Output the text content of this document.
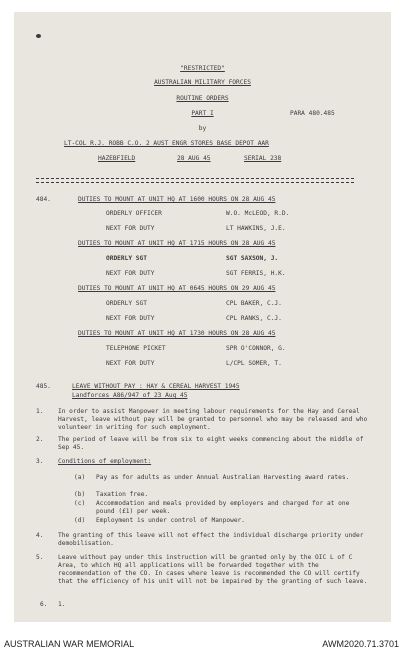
"RESTRICTED"
AUSTRALIAN MILITARY FORCES
ROUTINE ORDERS
PART I	PARA 480.485
by
LT-COL R.J. ROBB C.O. 2 AUST ENGR STORES BASE DEPOT AAR
HAZEBFIELD	28 AUG 45	SERIAL 238
484.	DUTIES TO MOUNT AT UNIT HQ AT 1600 HOURS ON 28 AUG 45
ORDERLY OFFICER	W.O. McLEOD, R.D.
NEXT FOR DUTY	LT HAWKINS, J.E.
DUTIES TO MOUNT AT UNIT HQ AT 1715 HOURS ON 28 AUG 45
ORDERLY SGT	SGT SAXSON, J.
NEXT FOR DUTY	SGT FERRIS, H.K.
DUTIES TO MOUNT AT UNIT HQ AT 0645 HOURS ON 29 AUG 45
ORDERLY SGT	CPL BAKER, C.J.
NEXT FOR DUTY	CPL RANKS, C.J.
DUTIES TO MOUNT AT UNIT HQ AT 1730 HOURS ON 28 AUG 45
TELEPHONE PICKET	SPR O'CONNOR, G.
NEXT FOR DUTY	L/CPL SOMER, T.
485.	LEAVE WITHOUT PAY : HAY & CEREAL HARVEST 1945
Landforces A86/947 of 23 Aug 45
1. In order to assist Manpower in meeting labour requirements for the Hay and Cereal Harvest, leave without pay will be granted to personnel who may be released and who volunteer in writing for such employment.
2. The period of leave will be from six to eight weeks commencing about the middle of Sep 45.
3. Conditions of employment:
(a) Pay as for adults as under Annual Australian Harvesting award rates.
(b) Taxation free.
(c) Accommodation and meals provided by employers and charged for at one pound (£1) per week.
(d) Employment is under control of Manpower.
4. The granting of this leave will not effect the individual discharge priority under demobilisation.
5. Leave without pay under this instruction will be granted only by the OIC L of C Area, to which HQ all applications will be forwarded together with the recommendation of the CO. In cases where leave is recommended the CO will certify that the efficiency of his unit will not be impaired by the granting of such leave.
6. 1.
AUSTRALIAN WAR MEMORIAL	AWM2020.71.3701
